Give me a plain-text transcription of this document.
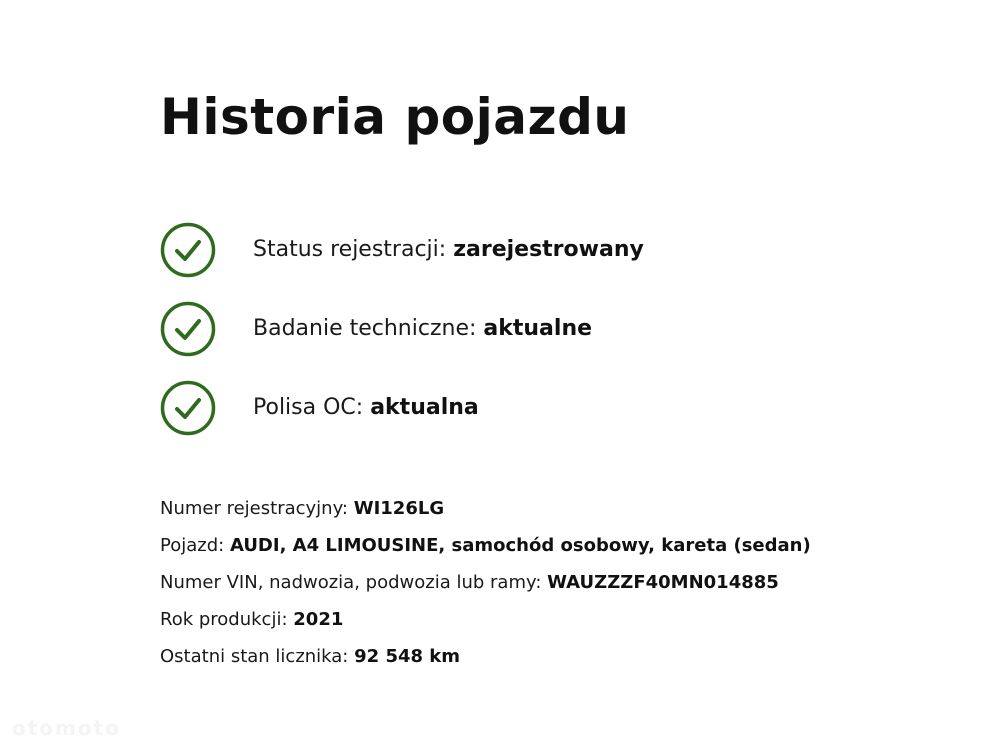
Historia pojazdu
Status rejestracji: zarejestrowany
Badanie techniczne: aktualne
Polisa OC: aktualna
Numer rejestracyjny: WI126LG
Pojazd: AUDI, A4 LIMOUSINE, samochód osobowy, kareta (sedan)
Numer VIN, nadwozia, podwozia lub ramy: WAUZZZF40MN014885
Rok produkcji: 2021
Ostatni stan licznika: 92 548 km
otomoto
